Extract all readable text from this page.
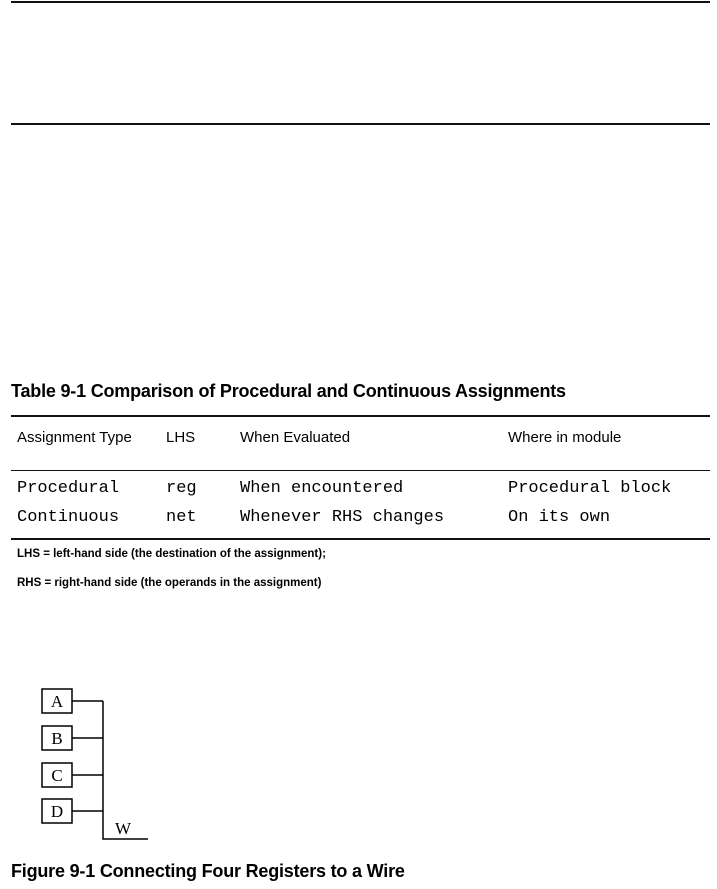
Table 9-1 Comparison of Procedural and Continuous Assignments
Assignment Type	LHS	When Evaluated	Where in module
Procedural	reg	When encountered	Procedural block
Continuous	net	Whenever RHS changes	On its own
LHS = left-hand side (the destination of the assignment);
RHS = right-hand side (the operands in the assignment)
A
B
C
D
W
Figure 9-1 Connecting Four Registers to a Wire
